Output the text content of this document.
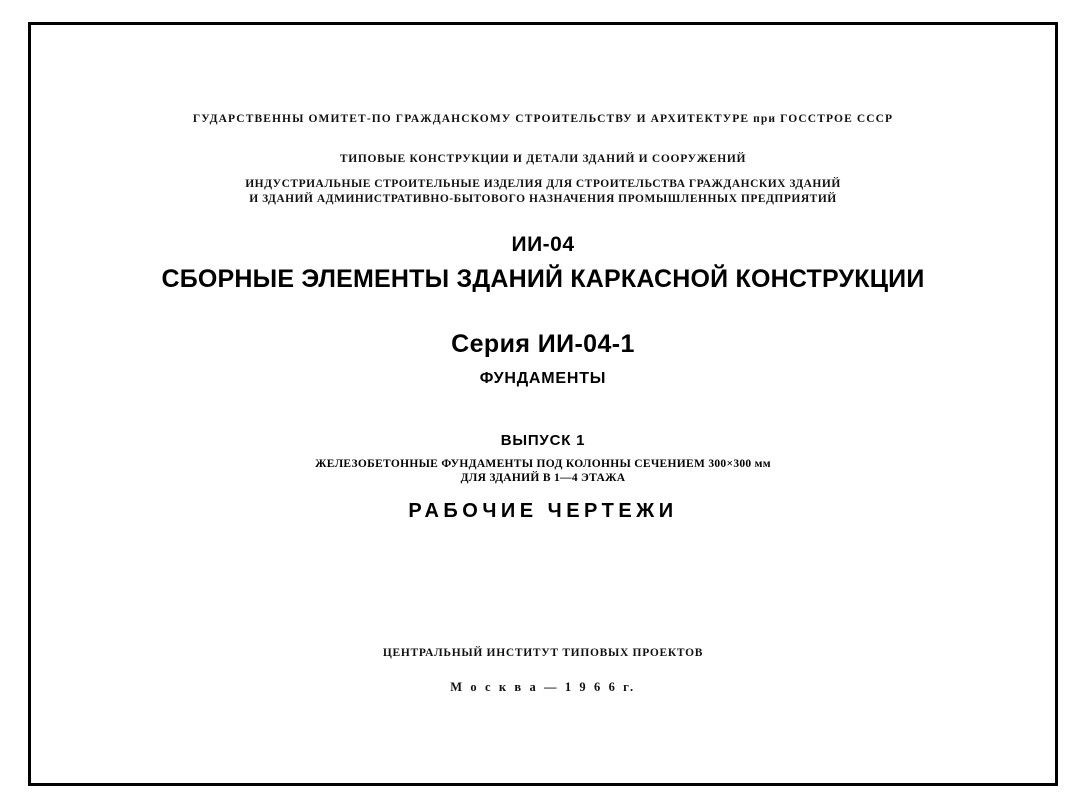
ГУДАРСТВЕННЫ ОМИТЕТ-ПО ГРАЖДАНСКОМУ СТРОИТЕЛЬСТВУ И АРХИТЕКТУРЕ при ГОССТРОЕ СССР
ТИПОВЫЕ КОНСТРУКЦИИ И ДЕТАЛИ ЗДАНИЙ И СООРУЖЕНИЙ
ИНДУСТРИАЛЬНЫЕ СТРОИТЕЛЬНЫЕ ИЗДЕЛИЯ ДЛЯ СТРОИТЕЛЬСТВА ГРАЖДАНСКИХ ЗДАНИЙ
И ЗДАНИЙ АДМИНИСТРАТИВНО-БЫТОВОГО НАЗНАЧЕНИЯ ПРОМЫШЛЕННЫХ ПРЕДПРИЯТИЙ
ИИ-04
СБОРНЫЕ ЭЛЕМЕНТЫ ЗДАНИЙ КАРКАСНОЙ КОНСТРУКЦИИ
Серия ИИ-04-1
ФУНДАМЕНТЫ
ВЫПУСК 1
ЖЕЛЕЗОБЕТОННЫЕ ФУНДАМЕНТЫ ПОД КОЛОННЫ СЕЧЕНИЕМ 300×300 мм
ДЛЯ ЗДАНИЙ В 1—4 ЭТАЖА
РАБОЧИЕ ЧЕРТЕЖИ
ЦЕНТРАЛЬНЫЙ ИНСТИТУТ ТИПОВЫХ ПРОЕКТОВ
М о с к в а — 1 9 6 6 г.
